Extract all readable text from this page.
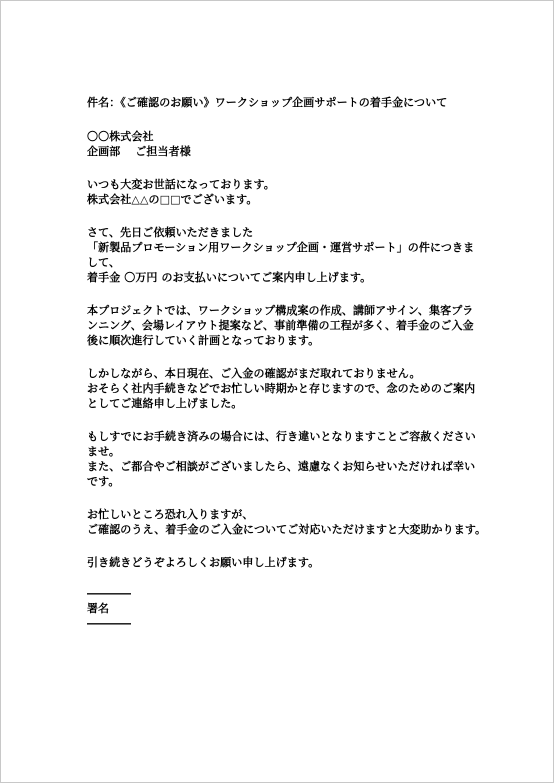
件名：《ご確認のお願い》ワークショップ企画サポートの着手金について
〇〇株式会社
企画部　 ご担当者様
いつも大変お世話になっております。
株式会社△△の□□でございます。
さて、先日ご依頼いただきました
「新製品プロモーション用ワークショップ企画・運営サポート」の件につきま
して、
着手金 〇万円 のお支払いについてご案内申し上げます。
本プロジェクトでは、ワークショップ構成案の作成、講師アサイン、集客プラ
ンニング、会場レイアウト提案など、事前準備の工程が多く、着手金のご入金
後に順次進行していく計画となっております。
しかしながら、本日現在、ご入金の確認がまだ取れておりません。
おそらく社内手続きなどでお忙しい時期かと存じますので、念のためのご案内
としてご連絡申し上げました。
もしすでにお手続き済みの場合には、行き違いとなりますことご容赦ください
ませ。
また、ご都合やご相談がございましたら、遠慮なくお知らせいただければ幸い
です。
お忙しいところ恐れ入りますが、
ご確認のうえ、着手金のご入金についてご対応いただけますと大変助かります。
引き続きどうぞよろしくお願い申し上げます。
――――
署名
――――
